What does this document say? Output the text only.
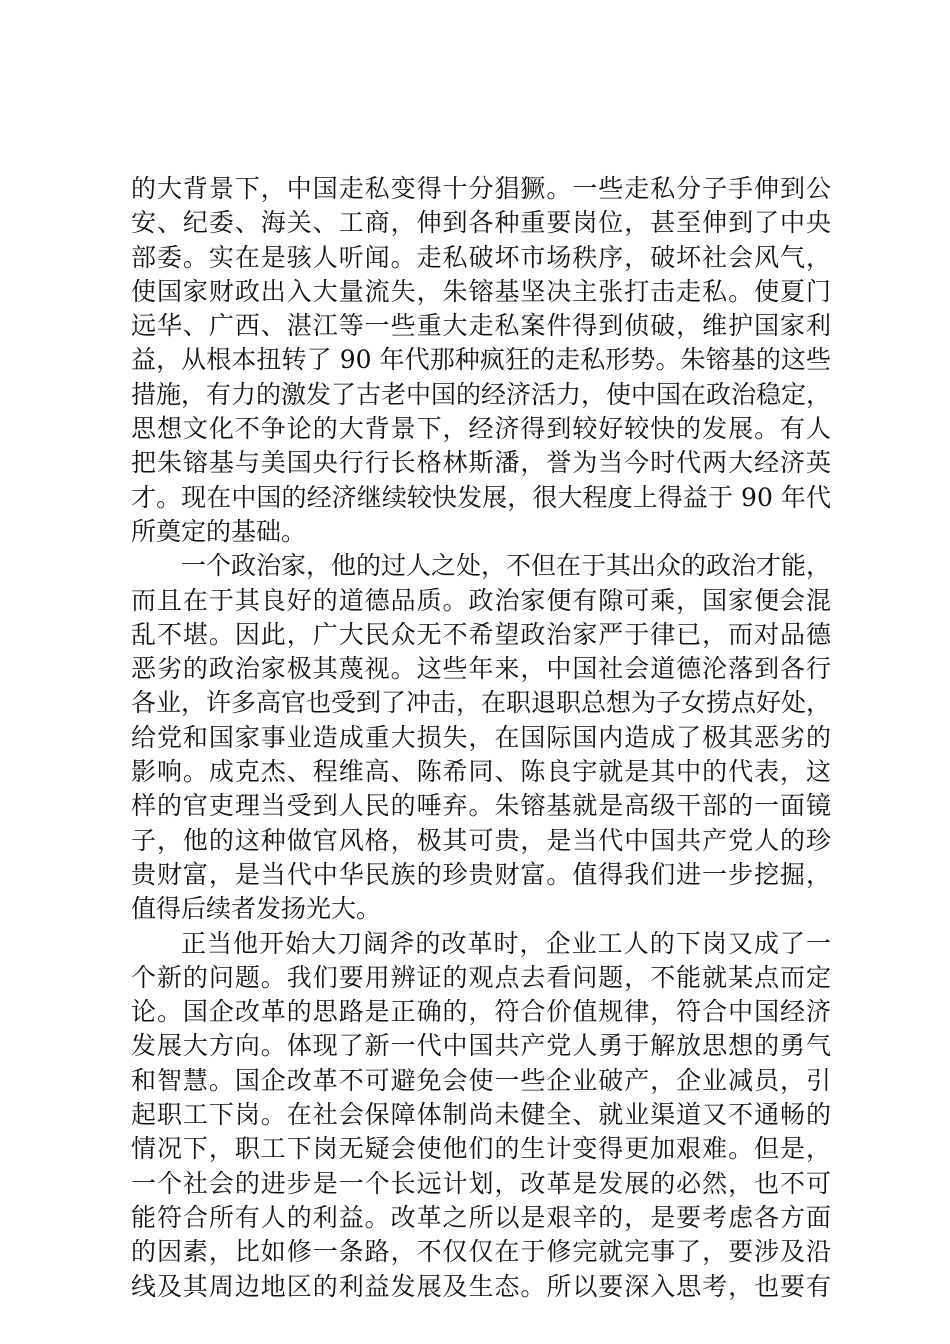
的大背景下，中国走私变得十分猖獗。一些走私分子手伸到公
安、纪委、海关、工商，伸到各种重要岗位，甚至伸到了中央
部委。实在是骇人听闻。走私破坏市场秩序，破坏社会风气，
使国家财政出入大量流失，朱镕基坚决主张打击走私。使夏门
远华、广西、湛江等一些重大走私案件得到侦破，维护国家利
益，从根本扭转了 90 年代那种疯狂的走私形势。朱镕基的这些
措施，有力的激发了古老中国的经济活力，使中国在政治稳定，
思想文化不争论的大背景下，经济得到较好较快的发展。有人
把朱镕基与美国央行行长格林斯潘，誉为当今时代两大经济英
才。现在中国的经济继续较快发展，很大程度上得益于 90 年代
所奠定的基础。
一个政治家，他的过人之处，不但在于其出众的政治才能，
而且在于其良好的道德品质。政治家便有隙可乘，国家便会混
乱不堪。因此，广大民众无不希望政治家严于律已，而对品德
恶劣的政治家极其蔑视。这些年来，中国社会道德沦落到各行
各业，许多高官也受到了冲击，在职退职总想为子女捞点好处，
给党和国家事业造成重大损失，在国际国内造成了极其恶劣的
影响。成克杰、程维高、陈希同、陈良宇就是其中的代表，这
样的官吏理当受到人民的唾弃。朱镕基就是高级干部的一面镜
子，他的这种做官风格，极其可贵，是当代中国共产党人的珍
贵财富，是当代中华民族的珍贵财富。值得我们进一步挖掘，
值得后续者发扬光大。
正当他开始大刀阔斧的改革时，企业工人的下岗又成了一
个新的问题。我们要用辨证的观点去看问题，不能就某点而定
论。国企改革的思路是正确的，符合价值规律，符合中国经济
发展大方向。体现了新一代中国共产党人勇于解放思想的勇气
和智慧。国企改革不可避免会使一些企业破产，企业减员，引
起职工下岗。在社会保障体制尚未健全、就业渠道又不通畅的
情况下，职工下岗无疑会使他们的生计变得更加艰难。但是，
一个社会的进步是一个长远计划，改革是发展的必然，也不可
能符合所有人的利益。改革之所以是艰辛的，是要考虑各方面
的因素，比如修一条路，不仅仅在于修完就完事了，要涉及沿
线及其周边地区的利益发展及生态。所以要深入思考，也要有
